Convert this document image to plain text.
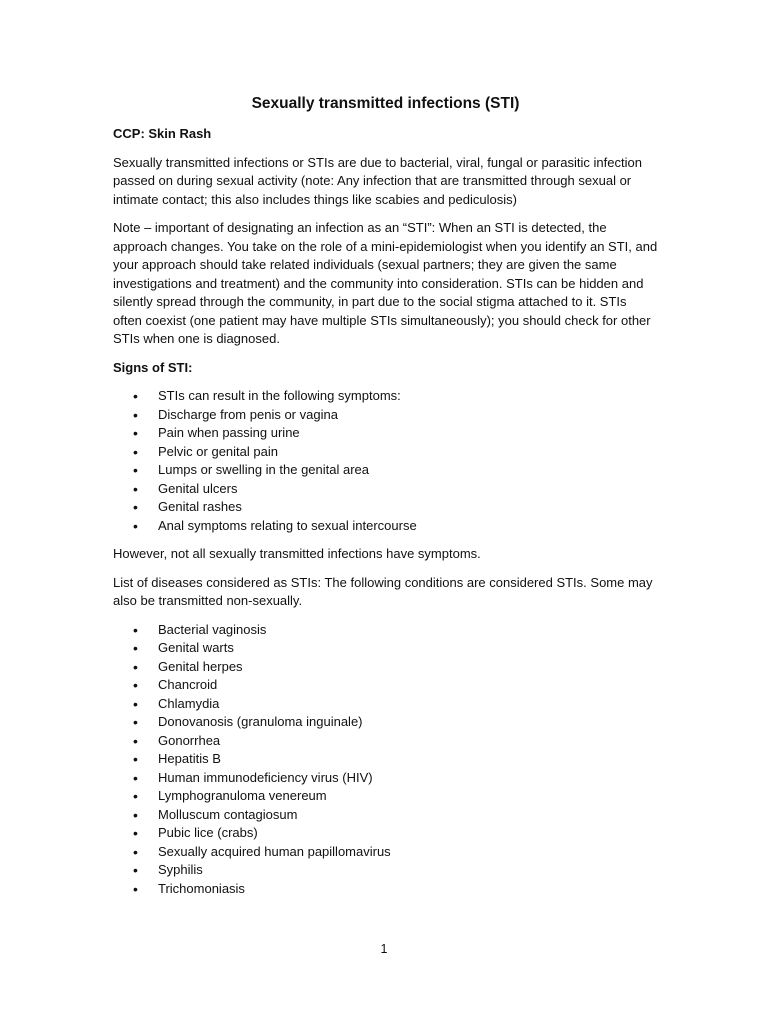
Sexually transmitted infections (STI)
CCP: Skin Rash

Sexually transmitted infections or STIs are due to bacterial, viral, fungal or parasitic infection passed on during sexual activity (note: Any infection that are transmitted through sexual or intimate contact; this also includes things like scabies and pediculosis)

Note – important of designating an infection as an “STI”: When an STI is detected, the approach changes. You take on the role of a mini-epidemiologist when you identify an STI, and your approach should take related individuals (sexual partners; they are given the same investigations and treatment) and the community into consideration. STIs can be hidden and silently spread through the community, in part due to the social stigma attached to it. STIs often coexist (one patient may have multiple STIs simultaneously); you should check for other STIs when one is diagnosed.

Signs of STI:
• STIs can result in the following symptoms:
• Discharge from penis or vagina
• Pain when passing urine
• Pelvic or genital pain
• Lumps or swelling in the genital area
• Genital ulcers
• Genital rashes
• Anal symptoms relating to sexual intercourse

However, not all sexually transmitted infections have symptoms.

List of diseases considered as STIs: The following conditions are considered STIs. Some may also be transmitted non-sexually.

• Bacterial vaginosis
• Genital warts
• Genital herpes
• Chancroid
• Chlamydia
• Donovanosis (granuloma inguinale)
• Gonorrhea
• Hepatitis B
• Human immunodeficiency virus (HIV)
• Lymphogranuloma venereum
• Molluscum contagiosum
• Pubic lice (crabs)
• Sexually acquired human papillomavirus
• Syphilis
• Trichomoniasis
1
